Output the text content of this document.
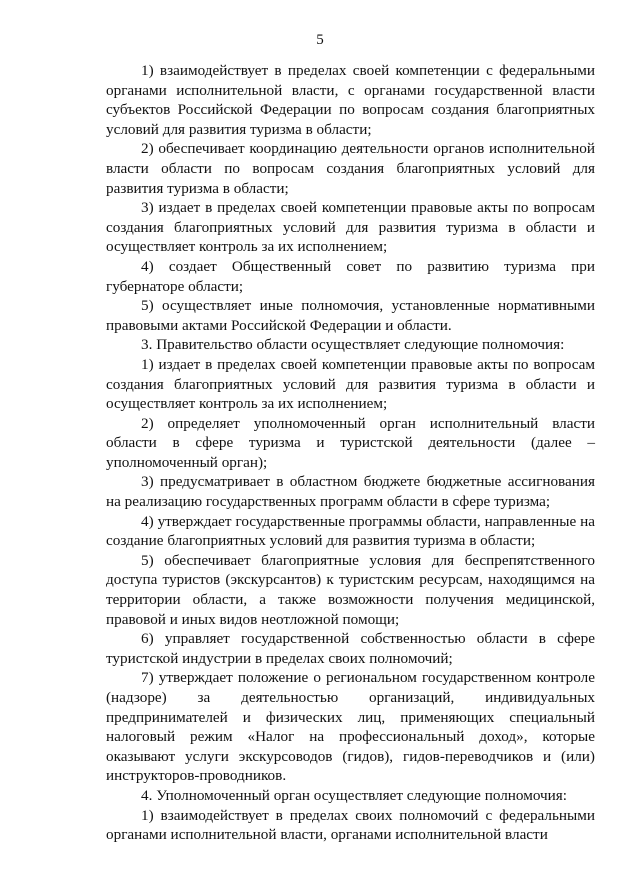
5

1) взаимодействует в пределах своей компетенции с федеральными органами исполнительной власти, с органами государственной власти субъектов Российской Федерации по вопросам создания благоприятных условий для развития туризма в области;

2) обеспечивает координацию деятельности органов исполнительной власти области по вопросам создания благоприятных условий для развития туризма в области;

3) издает в пределах своей компетенции правовые акты по вопросам создания благоприятных условий для развития туризма в области и осуществляет контроль за их исполнением;

4) создает Общественный совет по развитию туризма при губернаторе области;

5) осуществляет иные полномочия, установленные нормативными правовыми актами Российской Федерации и области.

3. Правительство области осуществляет следующие полномочия:

1) издает в пределах своей компетенции правовые акты по вопросам создания благоприятных условий для развития туризма в области и осуществляет контроль за их исполнением;

2) определяет уполномоченный орган исполнительный власти области в сфере туризма и туристской деятельности (далее – уполномоченный орган);

3) предусматривает в областном бюджете бюджетные ассигнования на реализацию государственных программ области в сфере туризма;

4) утверждает государственные программы области, направленные на создание благоприятных условий для развития туризма в области;

5) обеспечивает благоприятные условия для беспрепятственного доступа туристов (экскурсантов) к туристским ресурсам, находящимся на территории области, а также возможности получения медицинской, правовой и иных видов неотложной помощи;

6) управляет государственной собственностью области в сфере туристской индустрии в пределах своих полномочий;

7) утверждает положение о региональном государственном контроле (надзоре) за деятельностью организаций, индивидуальных предпринимателей и физических лиц, применяющих специальный налоговый режим «Налог на профессиональный доход», которые оказывают услуги экскурсоводов (гидов), гидов-переводчиков и (или) инструкторов-проводников.

4. Уполномоченный орган осуществляет следующие полномочия:

1) взаимодействует в пределах своих полномочий с федеральными органами исполнительной власти, органами исполнительной власти
